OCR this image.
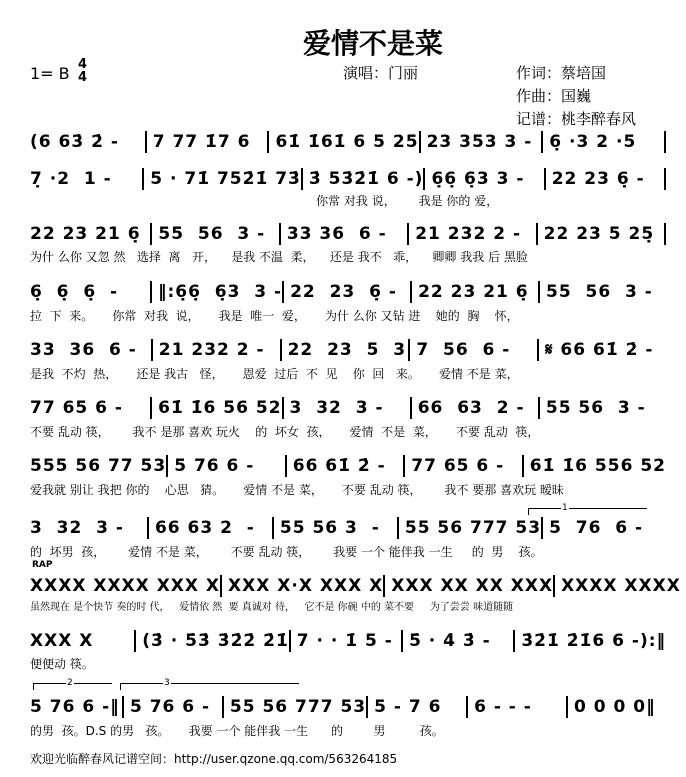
爱情不是菜
1= B 4
4	演唱：门丽	作词：蔡培国
作曲：国巍
记谱：桃李醉春风
RAP
1
2	3
(6 63̇ 2̇ -	7 77 1̇7 6	61̇ 1̇61̇ 6 5 25 23 353 3 - 6̣ ·3 2 ·5
7̣ ·2  1 -	5 · 71̇ 752̇1̇ 73̇ 3̇ 53̇2̇1̇ 6 -) 6̣6̣ 6̣3 3 -	22 23 6̣ -
你常 对我 说，      我是 你的 爱，
22 23 21 6̣	55  56  3 -	33 36  6 -	21 232 2 -	22 23 5 25̣
为什 么你 又忽 然   选择  离   开，    是我 不温  柔，    还是 我不   乖，    卿卿 我我 后 黑脸
6̣  6̣  6̣  -	‖:6̣6̣  6̣3  3 - 22  23  6̣ -	22 23 21 6̣	55  56  3 -
拉  下  来。     你常  对我  说，     我是  唯一  爱，     为什 么你 又钻 进    她的  胸    怀，
33  36  6 -	21 232 2 -	22  23  5  3 7  56  6 -	𝄋 66 61̇ 2̇ -
是我  不灼  热，     还是 我古   怪，     恩爱  过后  不  见    你  回   来。     爱情 不是 菜，
77 65 6 -	61̇ 1̇6 56 52 3  32  3 -	66  63  2 -	55 56  3 -
不要 乱动 筷，      我不 是那 喜欢 玩火    的  坏女  孩，     爱情  不是  菜，     不要 乱动  筷，
555 56 77 53 5 76 6 -	66 61̇ 2̇ -	77 65 6 -	61̇ 1̇6 556 52
爱我就 别让 我把 你的    心思   猜。     爱情 不是 菜，     不要 乱动 筷，      我不 要那 喜欢玩 暧昧
3  32  3 -	66 63 2  -	55 56 3  -	55 56 777 53 5  76  6 -
的  坏男  孩，      爱情 不是 菜，      不要 乱动 筷，      我要 一个 能伴我 一生     的  男    孩。
XXXX XXXX XXX X XXX X·X XXX X XXX XX XX XXX XXXX XXXX
虽然现在 是个快节 奏的时 代，   爱情依 然  要 真诚对 待，   它不是 你碗 中的 菜不要     为了尝尝 味道随随
XXX X	(3̇ · 5̇3̇ 3̇2̇2̇ 2̇1̇ 7 · · 1̇ 5 - 5̇ · 4̇ 3̇ -	3̇2̇1̇ 2̇1̇6 6 -):‖
便便动 筷。
5 76 6 -‖ 5 76 6 -	55 56 777 53 5 - 7 6	6 - - -	0 0 0 0‖
的男  孩。D.S 的男   孩。     我要 一个 能伴我 一生      的        男         孩。
欢迎光临醉春风记谱空间：http://user.qzone.qq.com/563264185
